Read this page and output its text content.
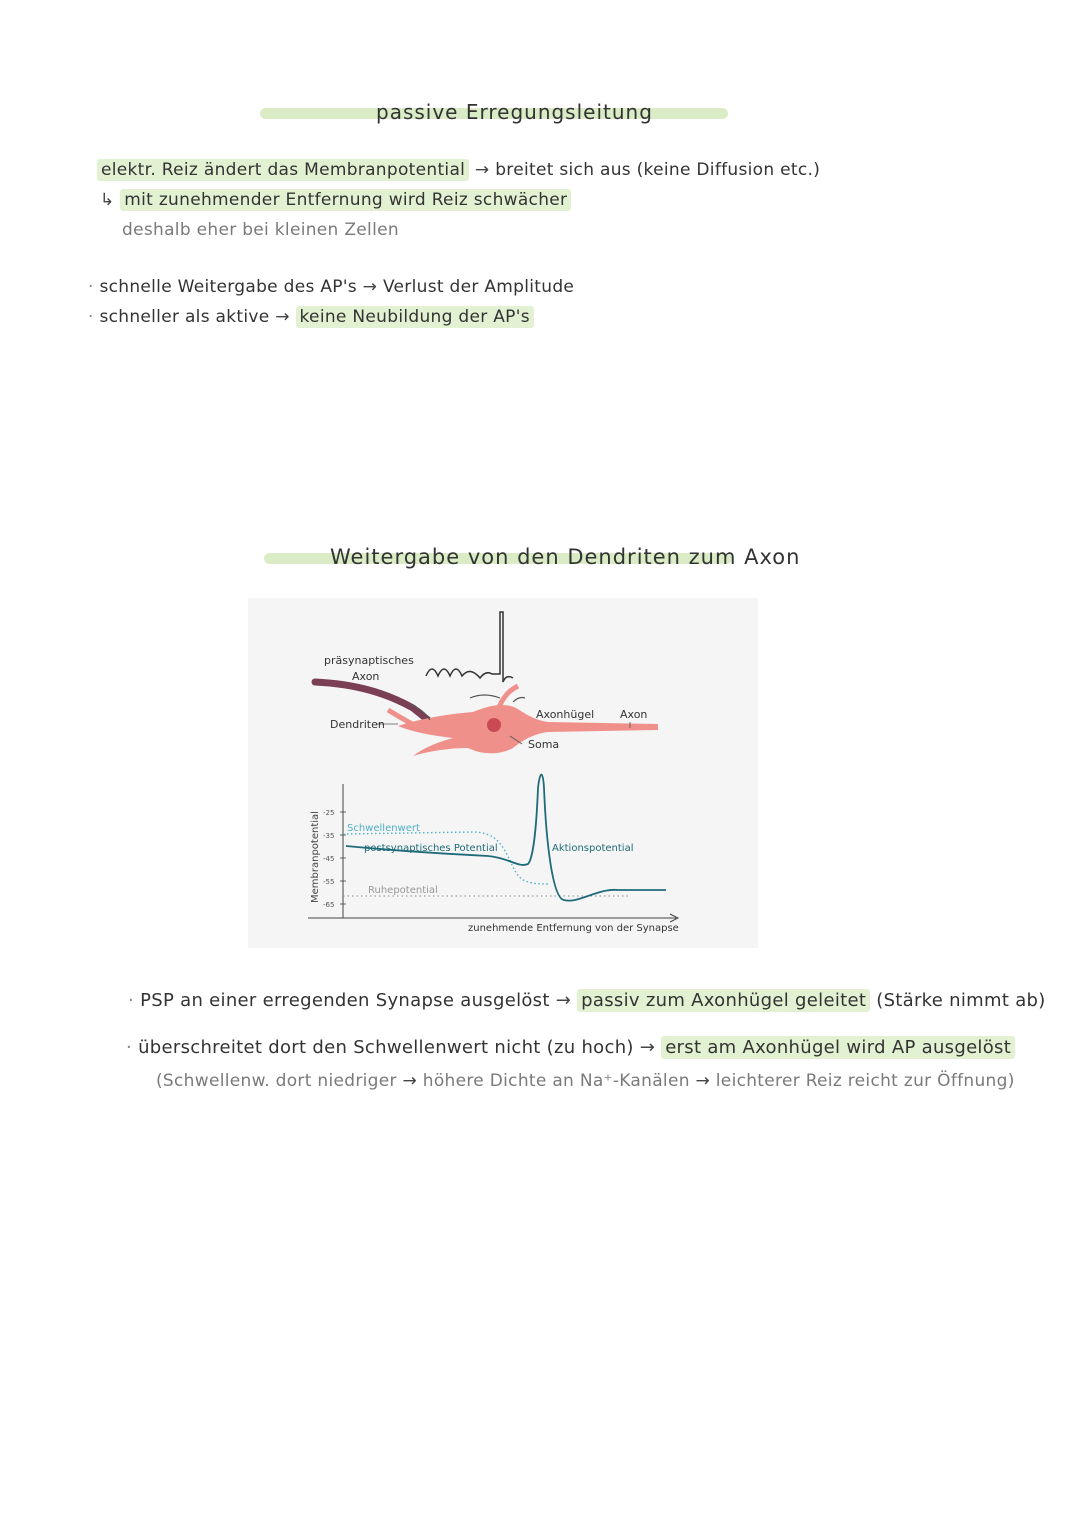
passive Erregungsleitung
elektr. Reiz ändert das Membranpotential → breitet sich aus (keine Diffusion etc.)
↳ mit zunehmender Entfernung wird Reiz schwächer
deshalb eher bei kleinen Zellen
· schnelle Weitergabe des AP's → Verlust der Amplitude
· schneller als aktive → keine Neubildung der AP's
Weitergabe von den Dendriten zum Axon
präsynaptisches
Axon
Dendriten
Axonhügel Axon
Soma
Membranpotential -25
-35
-45
-55
-65
Schwellenwert
postsynaptisches Potential	Aktionspotential
Ruhepotential
zunehmende Entfernung von der Synapse
· PSP an einer erregenden Synapse ausgelöst → passiv zum Axonhügel geleitet (Stärke nimmt ab)
· überschreitet dort den Schwellenwert nicht (zu hoch) → erst am Axonhügel wird AP ausgelöst
(Schwellenw. dort niedriger → höhere Dichte an Na⁺-Kanälen → leichterer Reiz reicht zur Öffnung)
